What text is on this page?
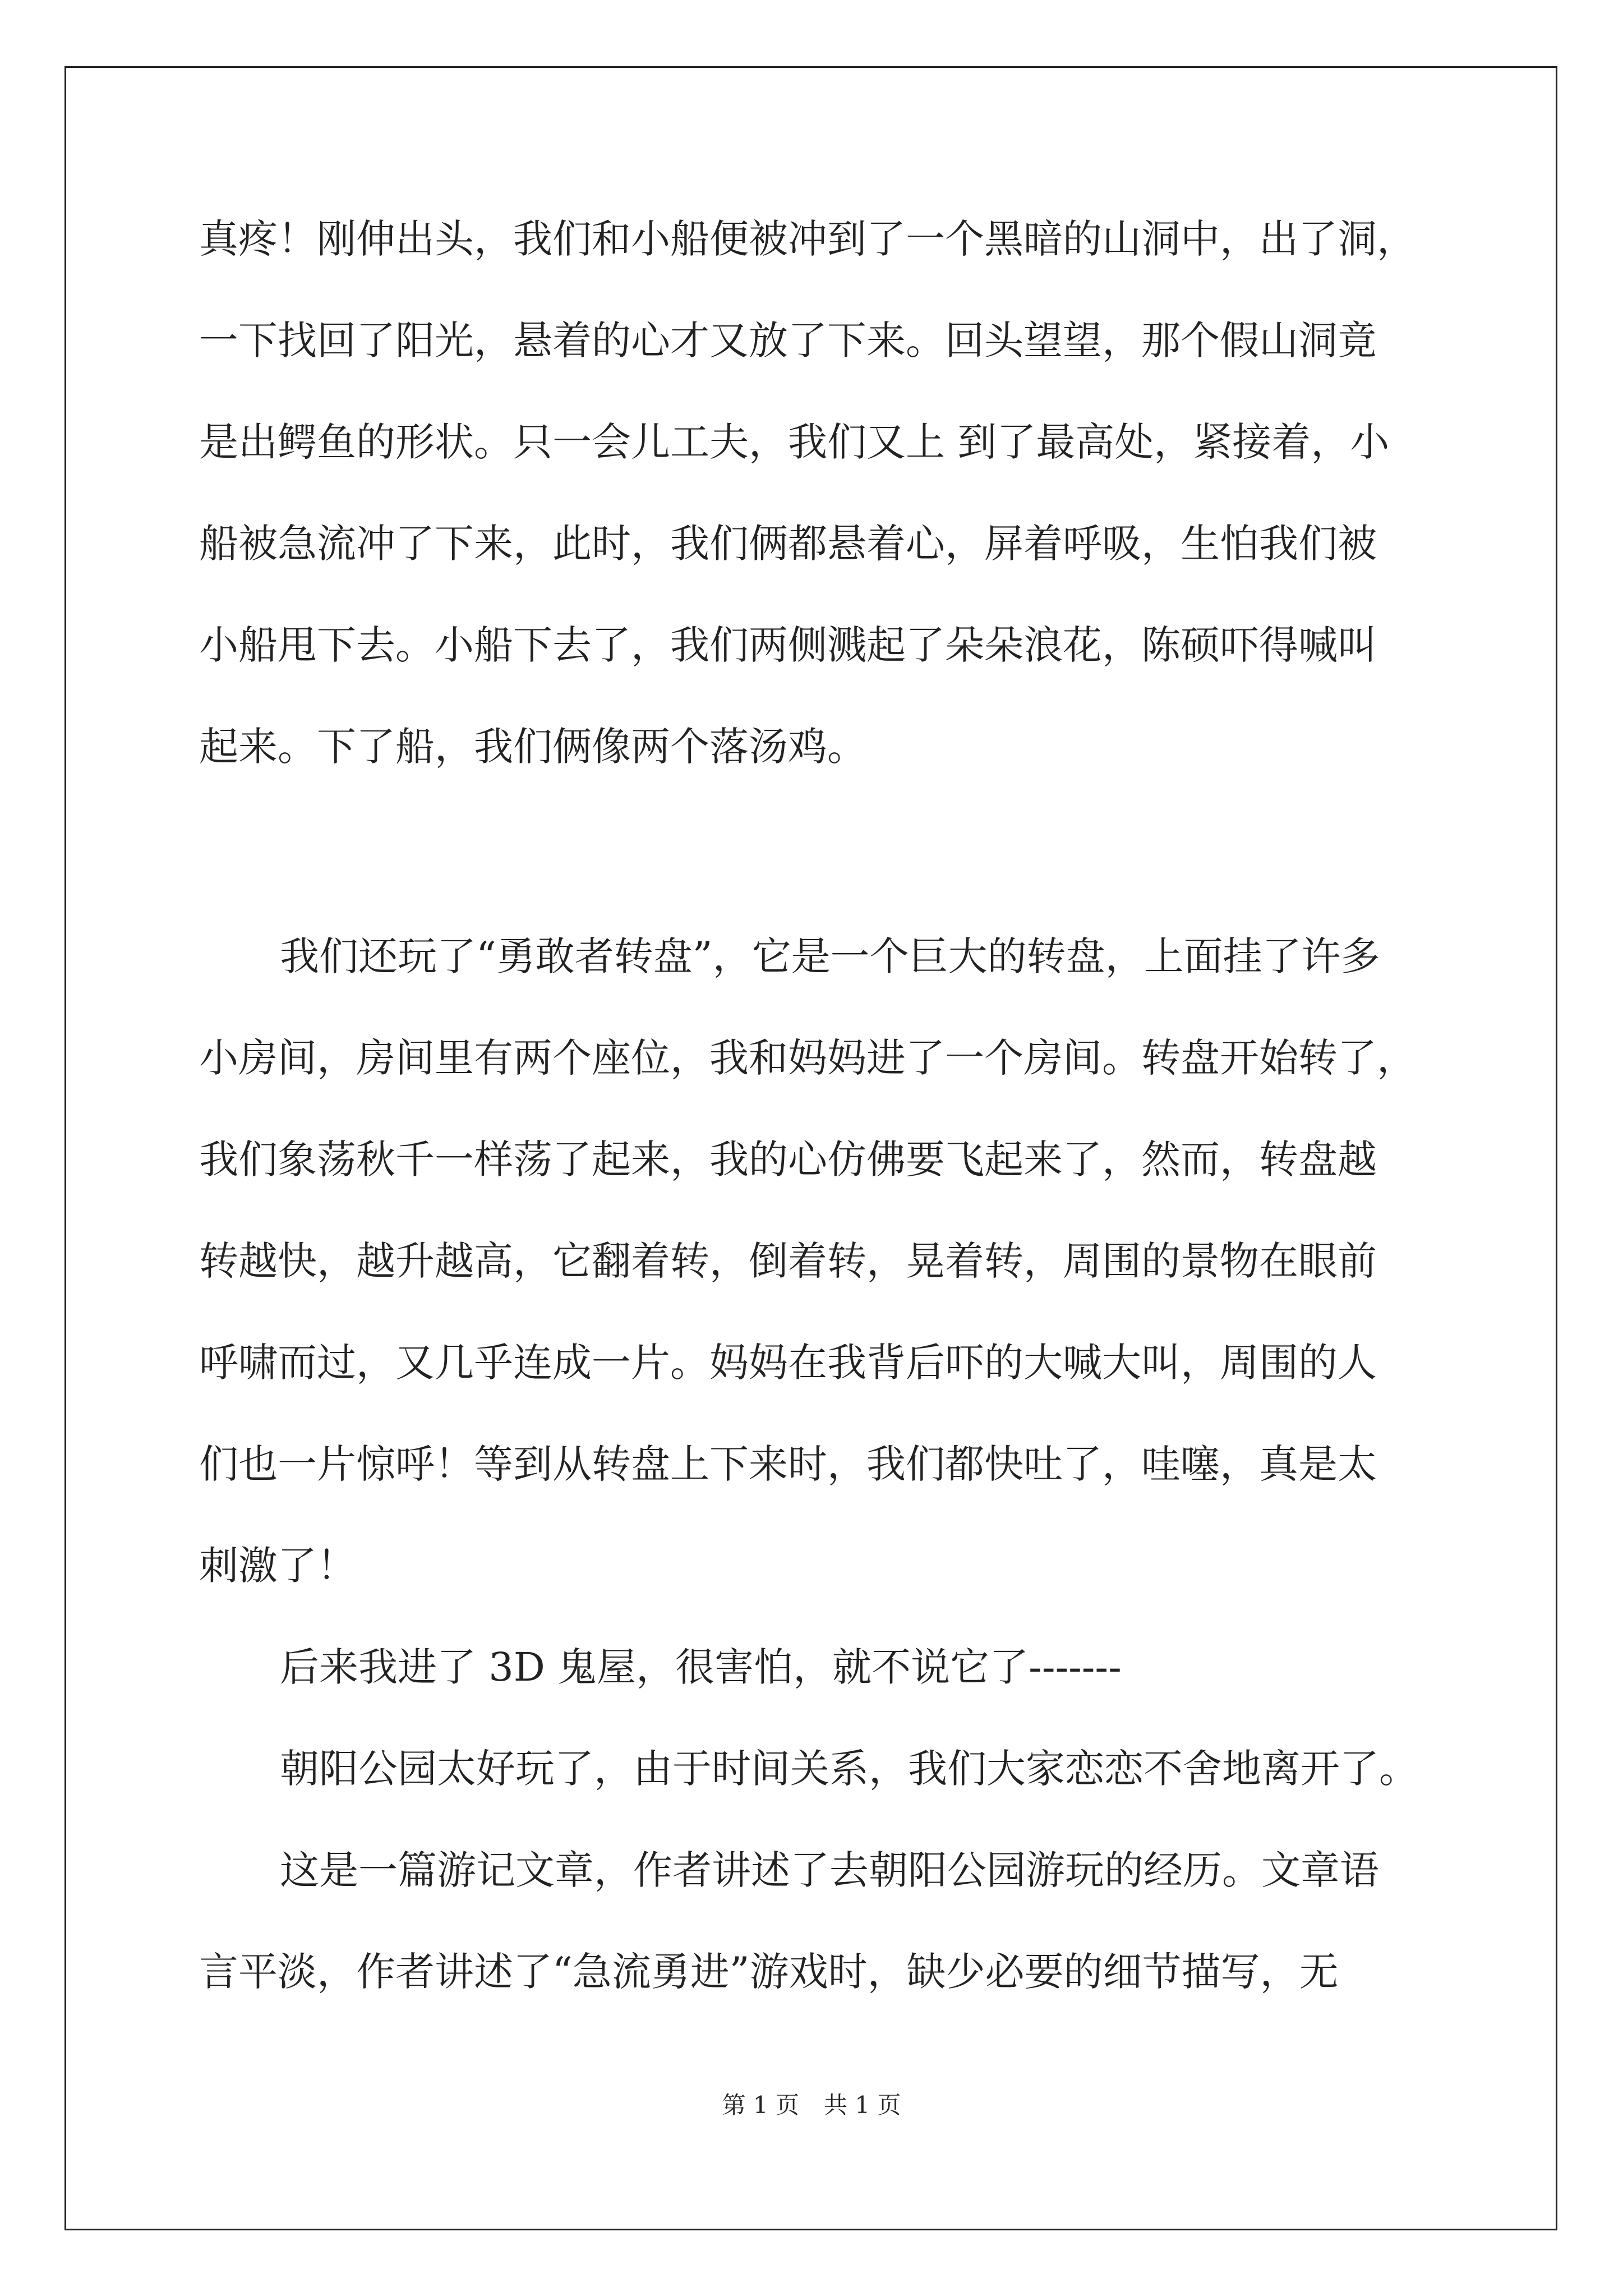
真疼！刚伸出头，我们和小船便被冲到了一个黑暗的山洞中，出了洞，
一下找回了阳光，悬着的心才又放了下来。回头望望，那个假山洞竟
是出鳄鱼的形状。只一会儿工夫，我们又上 到了最高处，紧接着，小
船被急流冲了下来，此时，我们俩都悬着心，屏着呼吸，生怕我们被
小船甩下去。小船下去了，我们两侧溅起了朵朵浪花，陈硕吓得喊叫
起来。下了船，我们俩像两个落汤鸡。
我们还玩了“勇敢者转盘”，它是一个巨大的转盘，上面挂了许多
小房间，房间里有两个座位，我和妈妈进了一个房间。转盘开始转了，
我们象荡秋千一样荡了起来，我的心仿佛要飞起来了，然而，转盘越
转越快，越升越高，它翻着转，倒着转，晃着转，周围的景物在眼前
呼啸而过，又几乎连成一片。妈妈在我背后吓的大喊大叫，周围的人
们也一片惊呼！等到从转盘上下来时，我们都快吐了，哇噻，真是太
刺激了！
后来我进了 3D 鬼屋，很害怕，就不说它了-------
朝阳公园太好玩了，由于时间关系，我们大家恋恋不舍地离开了。
这是一篇游记文章，作者讲述了去朝阳公园游玩的经历。文章语
言平淡，作者讲述了“急流勇进”游戏时，缺少必要的细节描写，无
第 1 页 共 1 页
